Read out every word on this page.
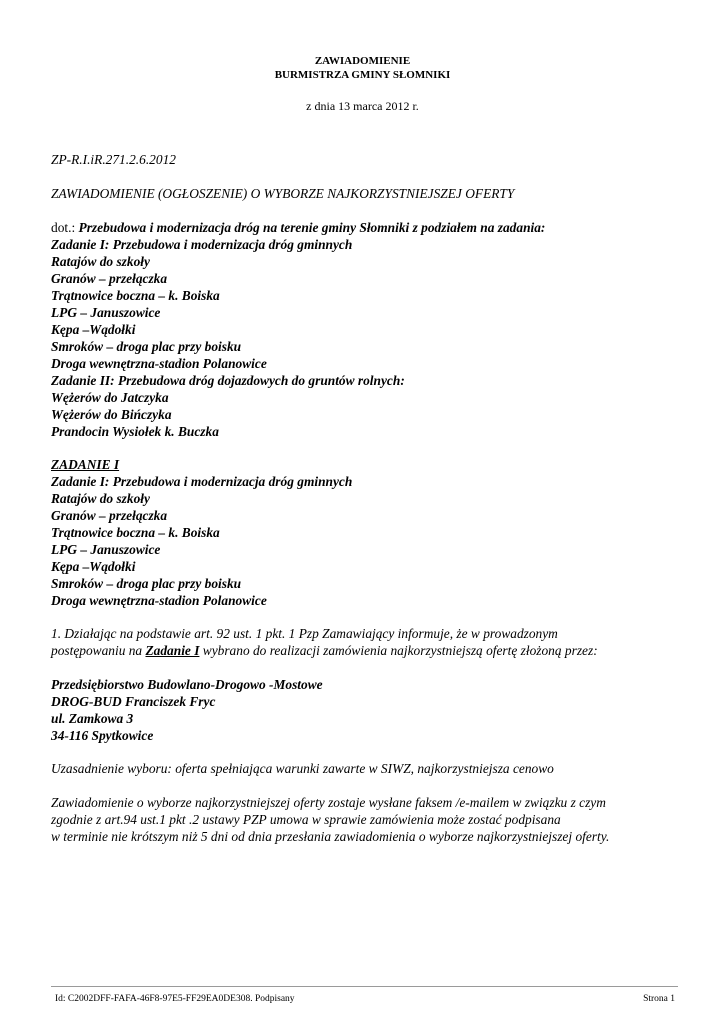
ZAWIADOMIENIE
BURMISTRZA GMINY SŁOMNIKI
z dnia 13 marca 2012 r.
ZP-R.I.iR.271.2.6.2012
ZAWIADOMIENIE (OGŁOSZENIE) O WYBORZE NAJKORZYSTNIEJSZEJ OFERTY
dot.: Przebudowa i modernizacja dróg na terenie gminy Słomniki z podziałem na zadania:
Zadanie I: Przebudowa i modernizacja dróg gminnych
Ratajów do szkoły
Granów – przełączka
Trątnowice boczna – k. Boiska
LPG – Januszowice
Kępa –Wądołki
Smroków – droga plac przy boisku
Droga wewnętrzna-stadion Polanowice
Zadanie II: Przebudowa dróg dojazdowych do gruntów rolnych:
Wężerów do Jatczyka
Wężerów do Bińczyka
Prandocin Wysiołek k. Buczka
ZADANIE I
Zadanie I: Przebudowa i modernizacja dróg gminnych
Ratajów do szkoły
Granów – przełączka
Trątnowice boczna – k. Boiska
LPG – Januszowice
Kępa –Wądołki
Smroków – droga plac przy boisku
Droga wewnętrzna-stadion Polanowice
1. Działając na podstawie art. 92 ust. 1 pkt. 1 Pzp Zamawiający informuje, że w prowadzonym
postępowaniu na Zadanie I wybrano do realizacji zamówienia najkorzystniejszą ofertę złożoną przez:
Przedsiębiorstwo Budowlano-Drogowo -Mostowe
DROG-BUD Franciszek Fryc
ul. Zamkowa 3
34-116 Spytkowice
Uzasadnienie wyboru: oferta spełniająca warunki zawarte w SIWZ, najkorzystniejsza cenowo
Zawiadomienie o wyborze najkorzystniejszej oferty zostaje wysłane faksem /e-mailem w związku z czym
zgodnie z art.94 ust.1 pkt .2 ustawy PZP umowa w sprawie zamówienia może zostać podpisana
w terminie nie krótszym niż 5 dni od dnia przesłania zawiadomienia o wyborze najkorzystniejszej oferty.
Id: C2002DFF-FAFA-46F8-97E5-FF29EA0DE308. Podpisany	Strona 1
